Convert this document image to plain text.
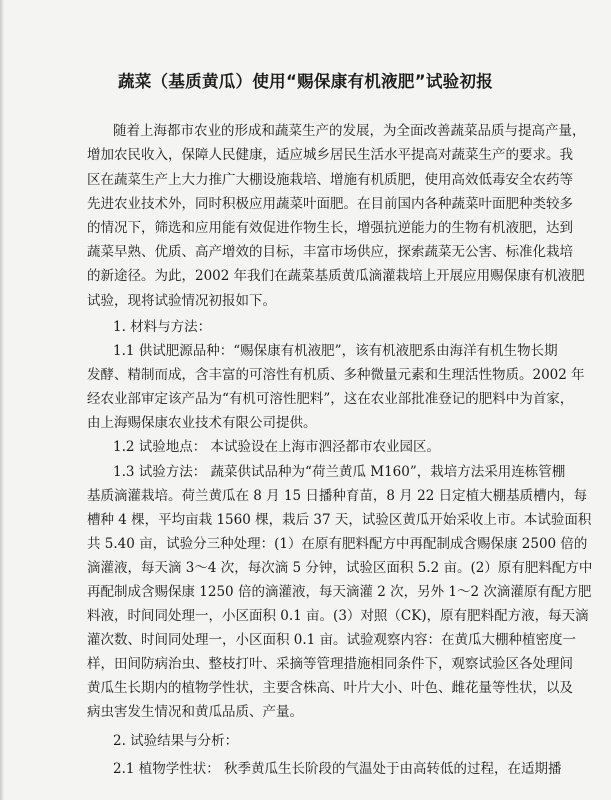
蔬菜（基质黄瓜）使用“赐保康有机液肥”试验初报
随着上海都市农业的形成和蔬菜生产的发展，为全面改善蔬菜品质与提高产量，
增加农民收入，保障人民健康，适应城乡居民生活水平提高对蔬菜生产的要求。我
区在蔬菜生产上大力推广大棚设施栽培、增施有机质肥，使用高效低毒安全农药等
先进农业技术外，同时积极应用蔬菜叶面肥。在目前国内各种蔬菜叶面肥种类较多
的情况下，筛选和应用能有效促进作物生长，增强抗逆能力的生物有机液肥，达到
蔬菜早熟、优质、高产增效的目标，丰富市场供应，探索蔬菜无公害、标准化栽培
的新途径。为此，2002 年我们在蔬菜基质黄瓜滴灌栽培上开展应用赐保康有机液肥
试验，现将试验情况初报如下。
1. 材料与方法：
1.1 供试肥源品种：“赐保康有机液肥”，该有机液肥系由海洋有机生物长期
发酵、精制而成，含丰富的可溶性有机质、多种微量元素和生理活性物质。2002 年
经农业部审定该产品为“有机可溶性肥料”，这在农业部批准登记的肥料中为首家，
由上海赐保康农业技术有限公司提供。
1.2 试验地点： 本试验设在上海市泗泾都市农业园区。
1.3 试验方法： 蔬菜供试品种为“荷兰黄瓜 M160”，栽培方法采用连栋管棚
基质滴灌栽培。荷兰黄瓜在 8 月 15 日播种育苗，8 月 22 日定植大棚基质槽内，每
槽种 4 棵，平均亩栽 1560 棵，栽后 37 天，试验区黄瓜开始采收上市。本试验面积
共 5.40 亩，试验分三种处理：(1）在原有肥料配方中再配制成含赐保康 2500 倍的
滴灌液，每天滴 3～4 次，每次滴 5 分钟，试验区面积 5.2 亩。(2）原有肥料配方中
再配制成含赐保康 1250 倍的滴灌液，每天滴灌 2 次，另外 1～2 次滴灌原有配方肥
料液，时间同处理一，小区面积 0.1 亩。(3）对照（CK)，原有肥料配方液，每天滴
灌次数、时间同处理一，小区面积 0.1 亩。试验观察内容：在黄瓜大棚种植密度一
样，田间防病治虫、整枝打叶、采摘等管理措施相同条件下，观察试验区各处理间
黄瓜生长期内的植物学性状，主要含株高、叶片大小、叶色、雌花量等性状，以及
病虫害发生情况和黄瓜品质、产量。
2. 试验结果与分析：
2.1 植物学性状： 秋季黄瓜生长阶段的气温处于由高转低的过程，在适期播
